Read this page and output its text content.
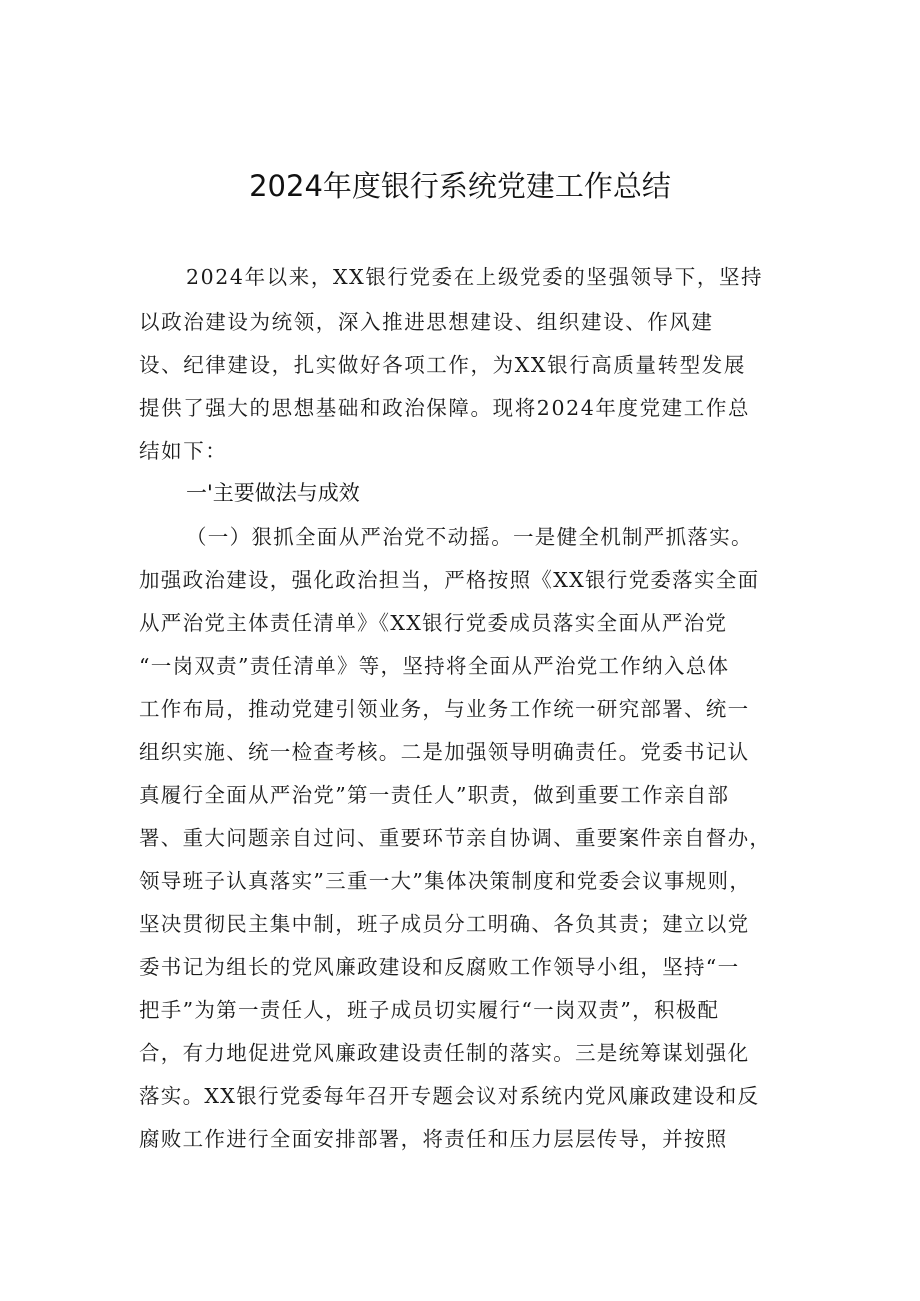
2024年度银行系统党建工作总结
2024年以来，XX银行党委在上级党委的坚强领导下，坚持
以政治建设为统领，深入推进思想建设、组织建设、作风建
设、纪律建设，扎实做好各项工作，为XX银行高质量转型发展
提供了强大的思想基础和政治保障。现将2024年度党建工作总
结如下：
一'主要做法与成效
（一）狠抓全面从严治党不动摇。一是健全机制严抓落实。
加强政治建设，强化政治担当，严格按照《XX银行党委落实全面
从严治党主体责任清单》《XX银行党委成员落实全面从严治党
“一岗双责”责任清单》等，坚持将全面从严治党工作纳入总体
工作布局，推动党建引领业务，与业务工作统一研究部署、统一
组织实施、统一检查考核。二是加强领导明确责任。党委书记认
真履行全面从严治党”第一责任人”职责，做到重要工作亲自部
署、重大问题亲自过问、重要环节亲自协调、重要案件亲自督办，
领导班子认真落实”三重一大”集体决策制度和党委会议事规则，
坚决贯彻民主集中制，班子成员分工明确、各负其责；建立以党
委书记为组长的党风廉政建设和反腐败工作领导小组，坚持“一
把手”为第一责任人，班子成员切实履行“一岗双责”，积极配
合，有力地促进党风廉政建设责任制的落实。三是统筹谋划强化
落实。XX银行党委每年召开专题会议对系统内党风廉政建设和反
腐败工作进行全面安排部署，将责任和压力层层传导，并按照
